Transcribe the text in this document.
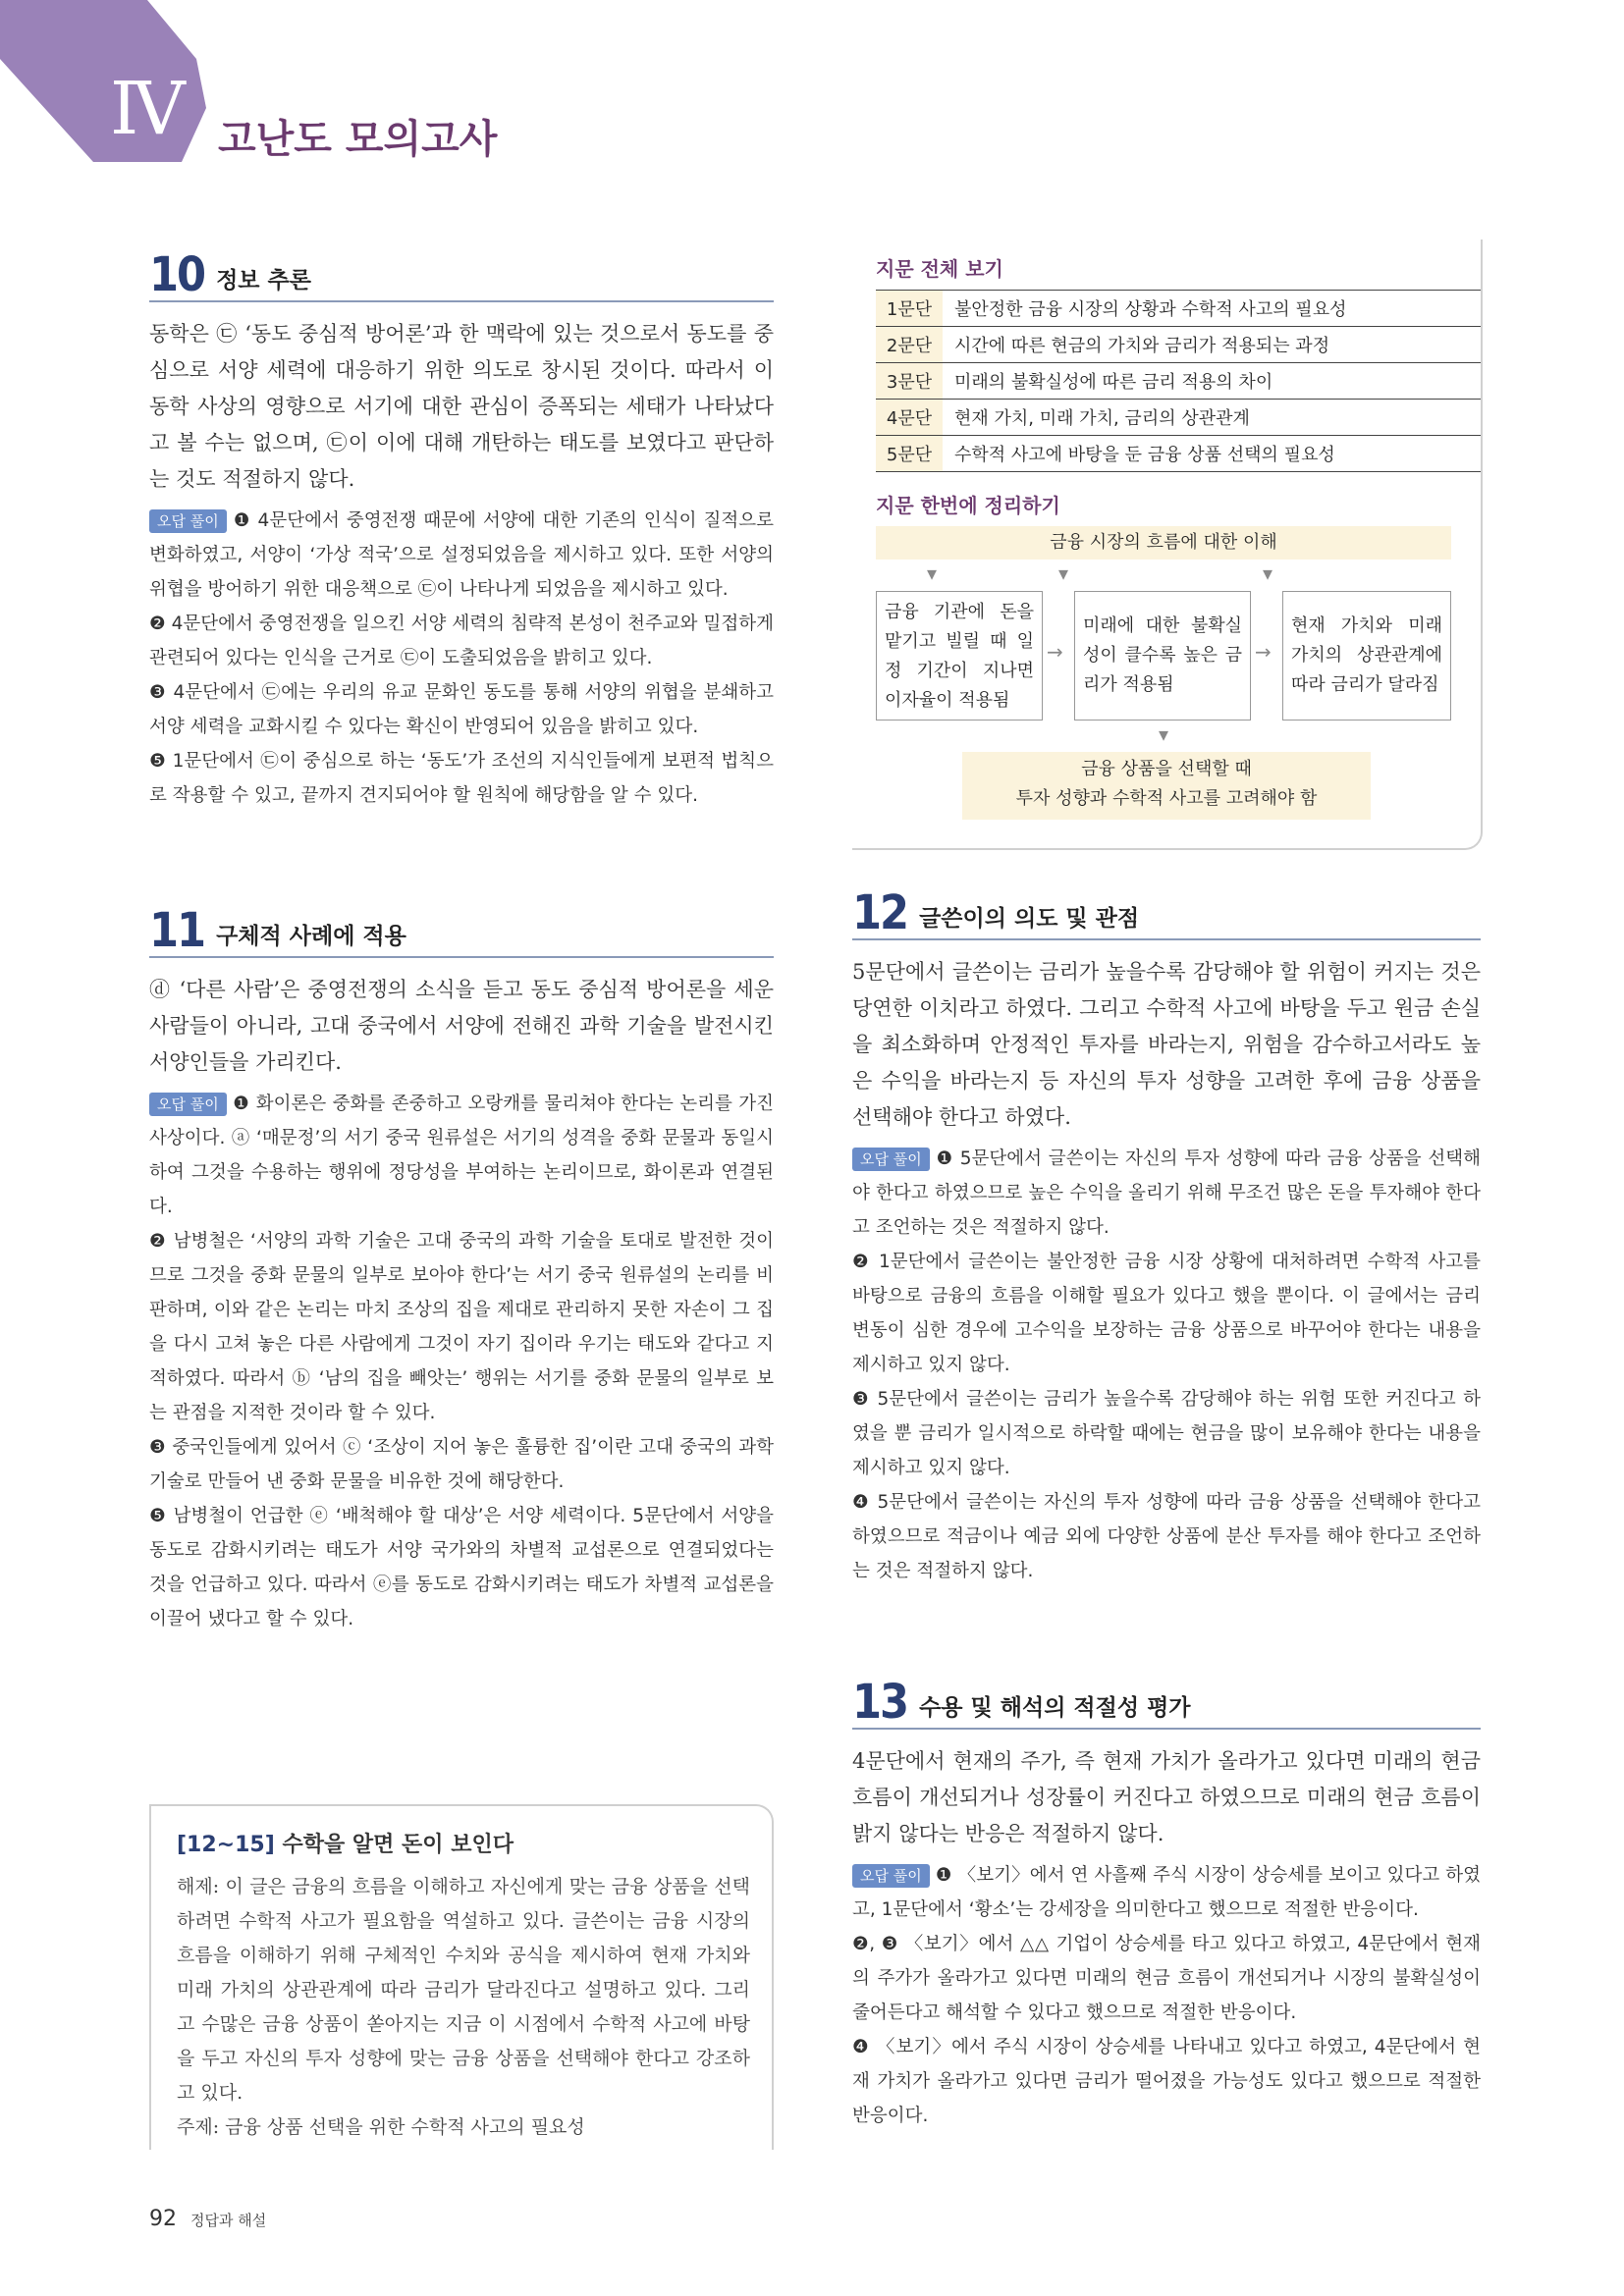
IV 고난도 모의고사
10 정보 추론
동학은 ㉢ ‘동도 중심적 방어론’과 한 맥락에 있는 것으로서 동도를 중심으로 서양 세력에 대응하기 위한 의도로 창시된 것이다. 따라서 이 동학 사상의 영향으로 서기에 대한 관심이 증폭되는 세태가 나타났다고 볼 수는 없으며, ㉢이 이에 대해 개탄하는 태도를 보였다고 판단하는 것도 적절하지 않다.

오답 풀이 ❶ 4문단에서 중영전쟁 때문에 서양에 대한 기존의 인식이 질적으로 변화하였고, 서양이 ‘가상 적국’으로 설정되었음을 제시하고 있다. 또한 서양의 위협을 방어하기 위한 대응책으로 ㉢이 나타나게 되었음을 제시하고 있다.

❷ 4문단에서 중영전쟁을 일으킨 서양 세력의 침략적 본성이 천주교와 밀접하게 관련되어 있다는 인식을 근거로 ㉢이 도출되었음을 밝히고 있다.

❸ 4문단에서 ㉢에는 우리의 유교 문화인 동도를 통해 서양의 위협을 분쇄하고 서양 세력을 교화시킬 수 있다는 확신이 반영되어 있음을 밝히고 있다.

❺ 1문단에서 ㉢이 중심으로 하는 ‘동도’가 조선의 지식인들에게 보편적 법칙으로 작용할 수 있고, 끝까지 견지되어야 할 원칙에 해당함을 알 수 있다.

11 구체적 사례에 적용
ⓓ ‘다른 사람’은 중영전쟁의 소식을 듣고 동도 중심적 방어론을 세운 사람들이 아니라, 고대 중국에서 서양에 전해진 과학 기술을 발전시킨 서양인들을 가리킨다.

오답 풀이 ❶ 화이론은 중화를 존중하고 오랑캐를 물리쳐야 한다는 논리를 가진 사상이다. ⓐ ‘매문정’의 서기 중국 원류설은 서기의 성격을 중화 문물과 동일시하여 그것을 수용하는 행위에 정당성을 부여하는 논리이므로, 화이론과 연결된다.

❷ 남병철은 ‘서양의 과학 기술은 고대 중국의 과학 기술을 토대로 발전한 것이므로 그것을 중화 문물의 일부로 보아야 한다’는 서기 중국 원류설의 논리를 비판하며, 이와 같은 논리는 마치 조상의 집을 제대로 관리하지 못한 자손이 그 집을 다시 고쳐 놓은 다른 사람에게 그것이 자기 집이라 우기는 태도와 같다고 지적하였다. 따라서 ⓑ ‘남의 집을 빼앗는’ 행위는 서기를 중화 문물의 일부로 보는 관점을 지적한 것이라 할 수 있다.

❸ 중국인들에게 있어서 ⓒ ‘조상이 지어 놓은 훌륭한 집’이란 고대 중국의 과학 기술로 만들어 낸 중화 문물을 비유한 것에 해당한다.

❺ 남병철이 언급한 ⓔ ‘배척해야 할 대상’은 서양 세력이다. 5문단에서 서양을 동도로 감화시키려는 태도가 서양 국가와의 차별적 교섭론으로 연결되었다는 것을 언급하고 있다. 따라서 ⓔ를 동도로 감화시키려는 태도가 차별적 교섭론을 이끌어 냈다고 할 수 있다.

[12~15] 수학을 알면 돈이 보인다
해제: 이 글은 금융의 흐름을 이해하고 자신에게 맞는 금융 상품을 선택하려면 수학적 사고가 필요함을 역설하고 있다. 글쓴이는 금융 시장의 흐름을 이해하기 위해 구체적인 수치와 공식을 제시하여 현재 가치와 미래 가치의 상관관계에 따라 금리가 달라진다고 설명하고 있다. 그리고 수많은 금융 상품이 쏟아지는 지금 이 시점에서 수학적 사고에 바탕을 두고 자신의 투자 성향에 맞는 금융 상품을 선택해야 한다고 강조하고 있다.
주제: 금융 상품 선택을 위한 수학적 사고의 필요성
지문 전체 보기
1문단	불안정한 금융 시장의 상황과 수학적 사고의 필요성
2문단	시간에 따른 현금의 가치와 금리가 적용되는 과정
3문단	미래의 불확실성에 따른 금리 적용의 차이
4문단	현재 가치, 미래 가치, 금리의 상관관계
5문단	수학적 사고에 바탕을 둔 금융 상품 선택의 필요성
지문 한번에 정리하기
금융 시장의 흐름에 대한 이해
▾	▾	▾
금융 기관에 돈을 맡기고 빌릴 때 일정 기간이 지나면 이자율이 적용됨
→
미래에 대한 불확실성이 클수록 높은 금리가 적용됨
→
현재 가치와 미래 가치의 상관관계에 따라 금리가 달라짐
▾
금융 상품을 선택할 때
투자 성향과 수학적 사고를 고려해야 함
12 글쓴이의 의도 및 관점
5문단에서 글쓴이는 금리가 높을수록 감당해야 할 위험이 커지는 것은 당연한 이치라고 하였다. 그리고 수학적 사고에 바탕을 두고 원금 손실을 최소화하며 안정적인 투자를 바라는지, 위험을 감수하고서라도 높은 수익을 바라는지 등 자신의 투자 성향을 고려한 후에 금융 상품을 선택해야 한다고 하였다.

오답 풀이 ❶ 5문단에서 글쓴이는 자신의 투자 성향에 따라 금융 상품을 선택해야 한다고 하였으므로 높은 수익을 올리기 위해 무조건 많은 돈을 투자해야 한다고 조언하는 것은 적절하지 않다.

❷ 1문단에서 글쓴이는 불안정한 금융 시장 상황에 대처하려면 수학적 사고를 바탕으로 금융의 흐름을 이해할 필요가 있다고 했을 뿐이다. 이 글에서는 금리 변동이 심한 경우에 고수익을 보장하는 금융 상품으로 바꾸어야 한다는 내용을 제시하고 있지 않다.

❸ 5문단에서 글쓴이는 금리가 높을수록 감당해야 하는 위험 또한 커진다고 하였을 뿐 금리가 일시적으로 하락할 때에는 현금을 많이 보유해야 한다는 내용을 제시하고 있지 않다.

❹ 5문단에서 글쓴이는 자신의 투자 성향에 따라 금융 상품을 선택해야 한다고 하였으므로 적금이나 예금 외에 다양한 상품에 분산 투자를 해야 한다고 조언하는 것은 적절하지 않다.

13 수용 및 해석의 적절성 평가
4문단에서 현재의 주가, 즉 현재 가치가 올라가고 있다면 미래의 현금 흐름이 개선되거나 성장률이 커진다고 하였으므로 미래의 현금 흐름이 밝지 않다는 반응은 적절하지 않다.

오답 풀이 ❶ 〈보기〉에서 연 사흘째 주식 시장이 상승세를 보이고 있다고 하였고, 1문단에서 ‘황소’는 강세장을 의미한다고 했으므로 적절한 반응이다.

❷, ❸ 〈보기〉에서 △△ 기업이 상승세를 타고 있다고 하였고, 4문단에서 현재의 주가가 올라가고 있다면 미래의 현금 흐름이 개선되거나 시장의 불확실성이 줄어든다고 해석할 수 있다고 했으므로 적절한 반응이다.

❹ 〈보기〉에서 주식 시장이 상승세를 나타내고 있다고 하였고, 4문단에서 현재 가치가 올라가고 있다면 금리가 떨어졌을 가능성도 있다고 했으므로 적절한 반응이다.

92 정답과 해설
